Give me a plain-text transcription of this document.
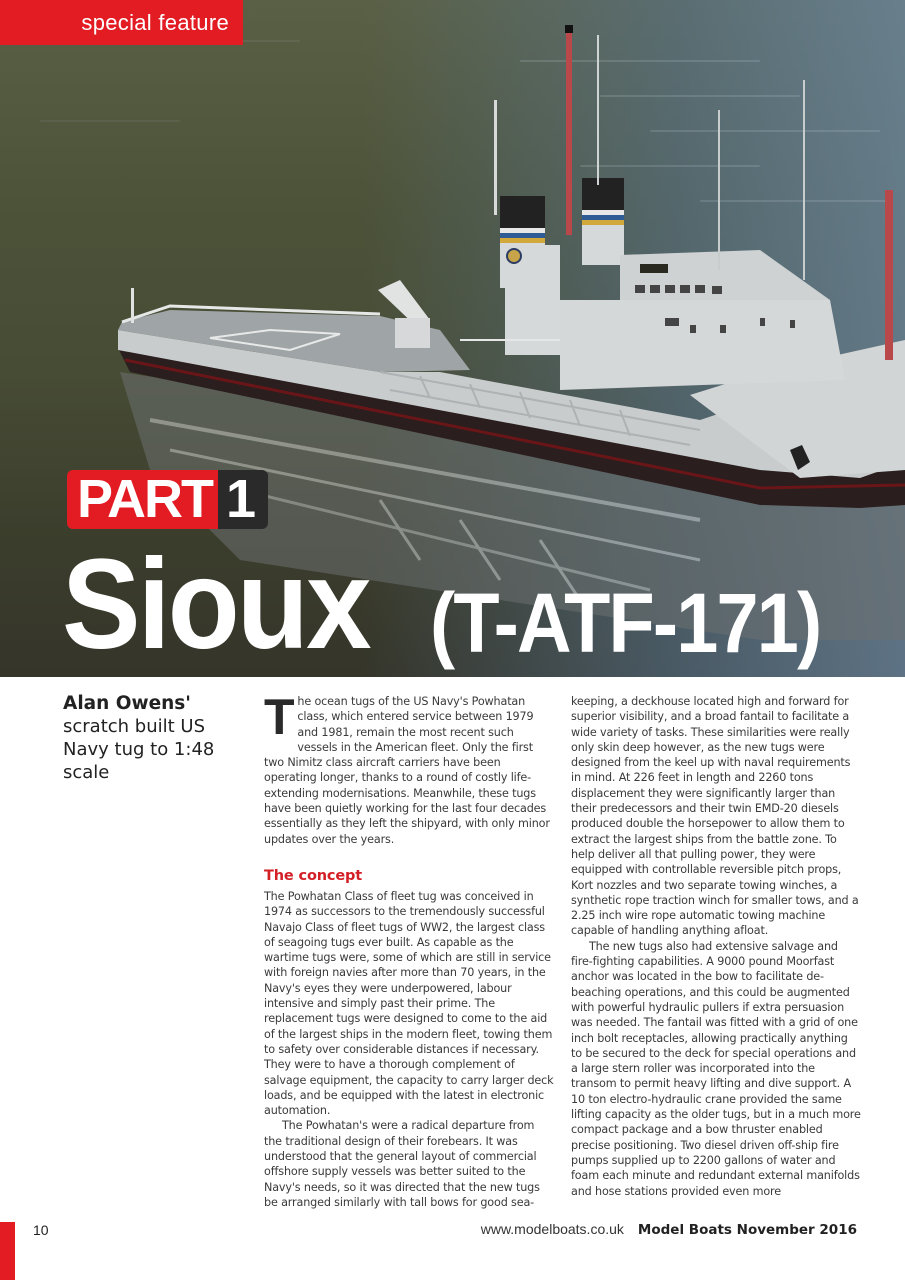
special feature
PART 1
Sioux (T-ATF-171)
Alan Owens'
scratch built US Navy tug to 1:48 scale

The ocean tugs of the US Navy's Powhatan class, which entered service between 1979 and 1981, remain the most recent such vessels in the American fleet. Only the first two Nimitz class aircraft carriers have been operating longer, thanks to a round of costly life-extending modernisations. Meanwhile, these tugs have been quietly working for the last four decades essentially as they left the shipyard, with only minor updates over the years.

The concept

The Powhatan Class of fleet tug was conceived in 1974 as successors to the tremendously successful Navajo Class of fleet tugs of WW2, the largest class of seagoing tugs ever built. As capable as the wartime tugs were, some of which are still in service with foreign navies after more than 70 years, in the Navy's eyes they were underpowered, labour intensive and simply past their prime. The replacement tugs were designed to come to the aid of the largest ships in the modern fleet, towing them to safety over considerable distances if necessary. They were to have a thorough complement of salvage equipment, the capacity to carry larger deck loads, and be equipped with the latest in electronic automation.

The Powhatan's were a radical departure from the traditional design of their forebears. It was understood that the general layout of commercial offshore supply vessels was better suited to the Navy's needs, so it was directed that the new tugs be arranged similarly with tall bows for good sea-

keeping, a deckhouse located high and forward for superior visibility, and a broad fantail to facilitate a wide variety of tasks. These similarities were really only skin deep however, as the new tugs were designed from the keel up with naval requirements in mind. At 226 feet in length and 2260 tons displacement they were significantly larger than their predecessors and their twin EMD-20 diesels produced double the horsepower to allow them to extract the largest ships from the battle zone. To help deliver all that pulling power, they were equipped with controllable reversible pitch props, Kort nozzles and two separate towing winches, a synthetic rope traction winch for smaller tows, and a 2.25 inch wire rope automatic towing machine capable of handling anything afloat.

The new tugs also had extensive salvage and fire-fighting capabilities. A 9000 pound Moorfast anchor was located in the bow to facilitate de-beaching operations, and this could be augmented with powerful hydraulic pullers if extra persuasion was needed. The fantail was fitted with a grid of one inch bolt receptacles, allowing practically anything to be secured to the deck for special operations and a large stern roller was incorporated into the transom to permit heavy lifting and dive support. A 10 ton electro-hydraulic crane provided the same lifting capacity as the older tugs, but in a much more compact package and a bow thruster enabled precise positioning. Two diesel driven off-ship fire pumps supplied up to 2200 gallons of water and foam each minute and redundant external manifolds and hose stations provided even more

10	www.modelboats.co.uk Model Boats November 2016
